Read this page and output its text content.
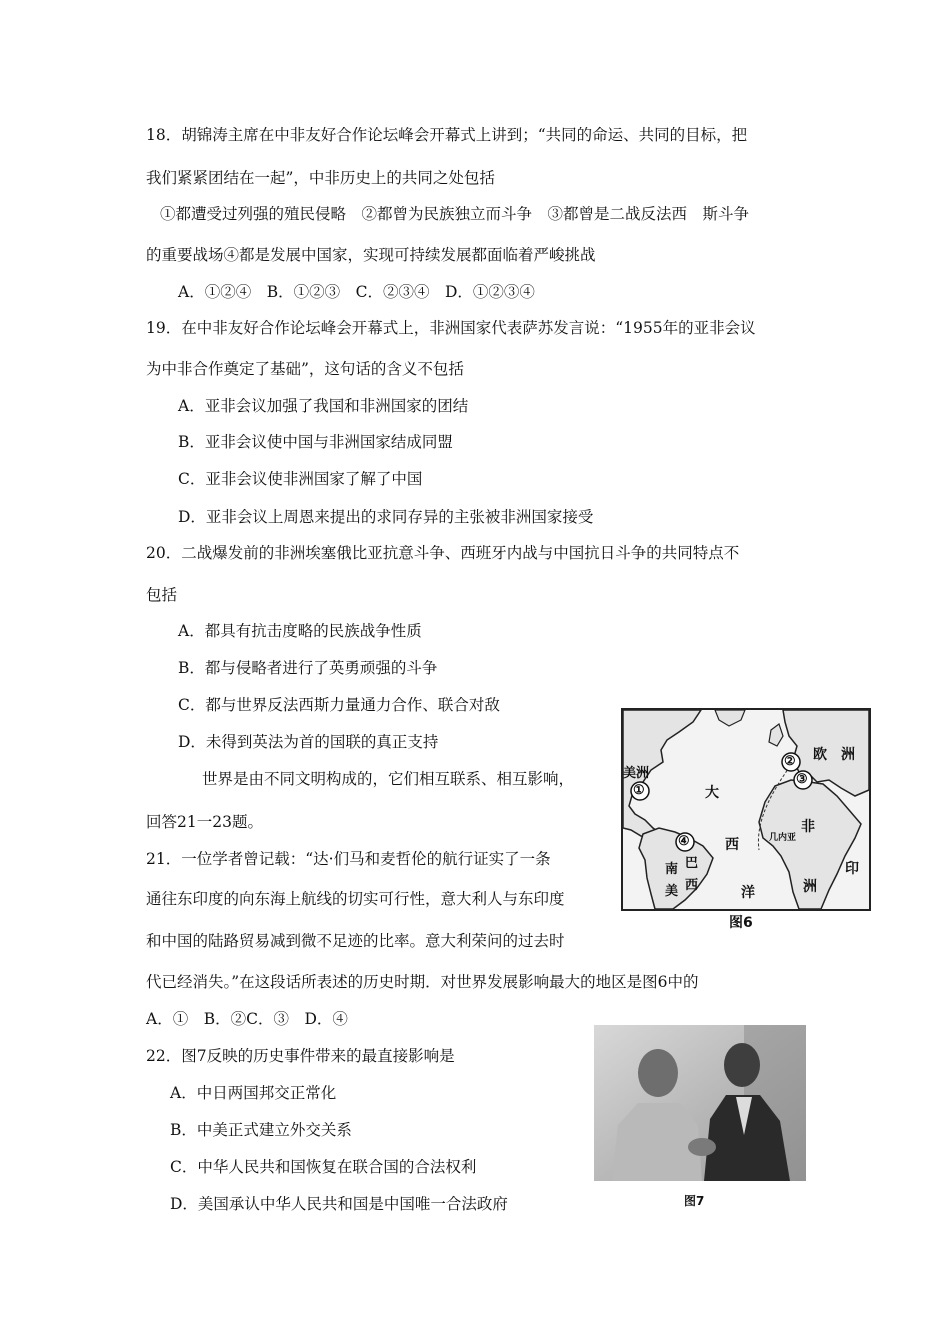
18．胡锦涛主席在中非友好合作论坛峰会开幕式上讲到；“共同的命运、共同的目标，把
我们紧紧团结在一起”，中非历史上的共同之处包括
①都遭受过列强的殖民侵略　②都曾为民族独立而斗争　③都曾是二战反法西　斯斗争
的重要战场④都是发展中国家，实现可持续发展都面临着严峻挑战
A．①②④　B．①②③　C．②③④　D．①②③④
19．在中非友好合作论坛峰会开幕式上，非洲国家代表萨苏发言说：“1955年的亚非会议
为中非合作奠定了基础”，这句话的含义不包括
A．亚非会议加强了我国和非洲国家的团结
B．亚非会议使中国与非洲国家结成同盟
C．亚非会议使非洲国家了解了中国
D．亚非会议上周恩来提出的求同存异的主张被非洲国家接受
20．二战爆发前的非洲埃塞俄比亚抗意斗争、西班牙内战与中国抗日斗争的共同特点不
包括
A．都具有抗击度略的民族战争性质
B．都与侵略者进行了英勇顽强的斗争
C．都与世界反法西斯力量通力合作、联合对敌
D．未得到英法为首的国联的真正支持
世界是由不同文明构成的，它们相互联系、相互影响，
回答21一23题。
21．一位学者曾记载：“达·们马和麦哲伦的航行证实了一条
通往东印度的向东海上航线的切实可行性，意大利人与东印度
和中国的陆路贸易减到微不足迹的比率。意大利荣问的过去时
代已经消失。”在这段话所表述的历史时期．对世界发展影响最大的地区是图6中的
A．①　B．②C．③　D．④
22．图7反映的历史事件带来的最直接影响是
A．中日两国邦交正常化
B．中美正式建立外交关系
C．中华人民共和国恢复在联合国的合法权利
D．美国承认中华人民共和国是中国唯一合法政府
①
②
③
④
美洲
欧 洲
大
西
洋
非
洲
几内亚
印
南 巴
美 西
图6
图7
